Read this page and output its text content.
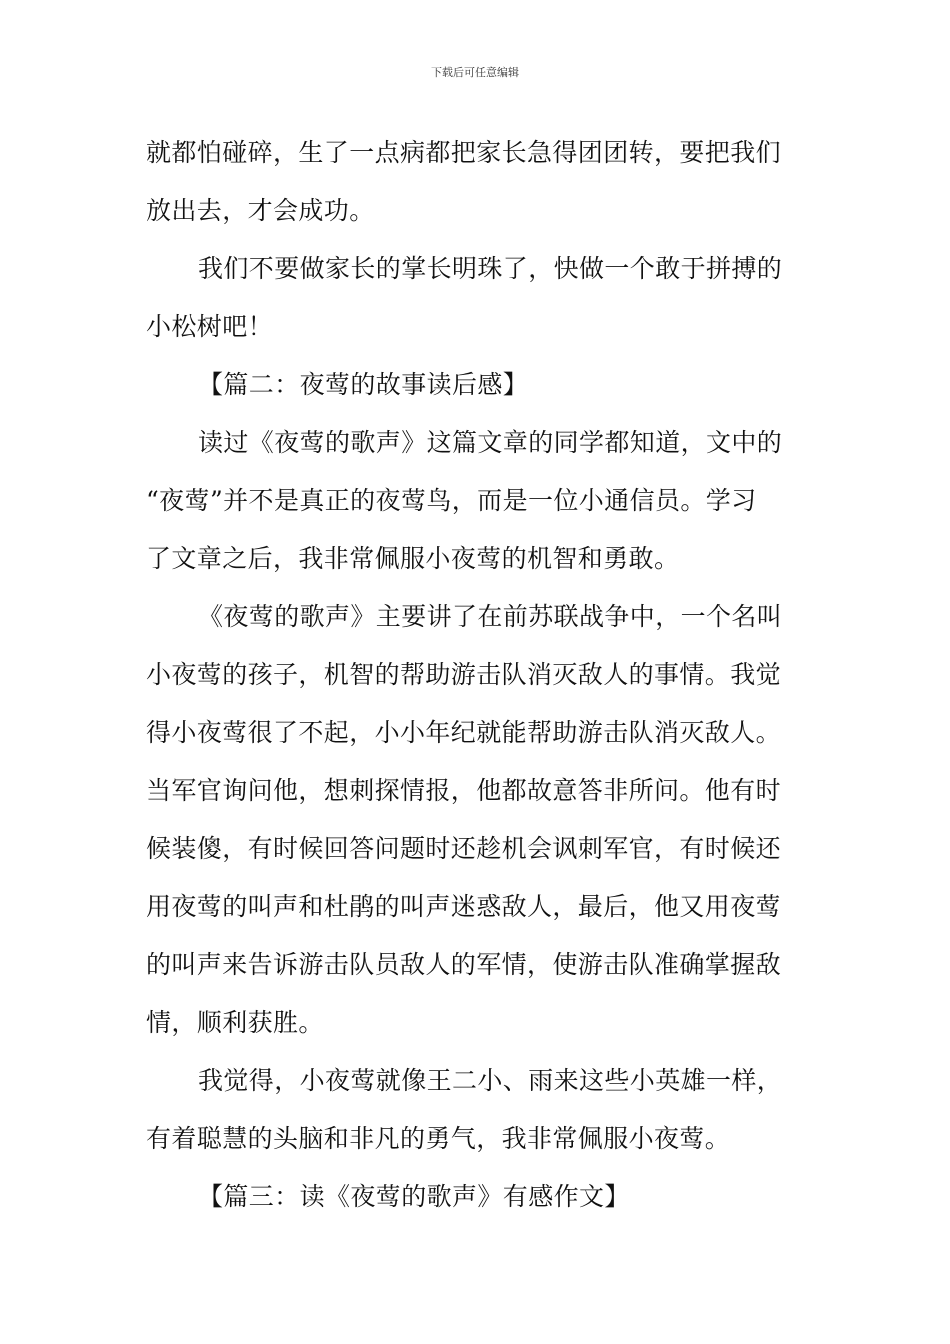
下载后可任意编辑
就都怕碰碎，生了一点病都把家长急得团团转，要把我们
放出去，才会成功。
我们不要做家长的掌长明珠了，快做一个敢于拼搏的
小松树吧！
【篇二：夜莺的故事读后感】
读过《夜莺的歌声》这篇文章的同学都知道，文中的
“夜莺”并不是真正的夜莺鸟，而是一位小通信员。学习
了文章之后，我非常佩服小夜莺的机智和勇敢。
《夜莺的歌声》主要讲了在前苏联战争中，一个名叫
小夜莺的孩子，机智的帮助游击队消灭敌人的事情。我觉
得小夜莺很了不起，小小年纪就能帮助游击队消灭敌人。
当军官询问他，想刺探情报，他都故意答非所问。他有时
候装傻，有时候回答问题时还趁机会讽刺军官，有时候还
用夜莺的叫声和杜鹃的叫声迷惑敌人，最后，他又用夜莺
的叫声来告诉游击队员敌人的军情，使游击队准确掌握敌
情，顺利获胜。
我觉得，小夜莺就像王二小、雨来这些小英雄一样，
有着聪慧的头脑和非凡的勇气，我非常佩服小夜莺。
【篇三：读《夜莺的歌声》有感作文】
